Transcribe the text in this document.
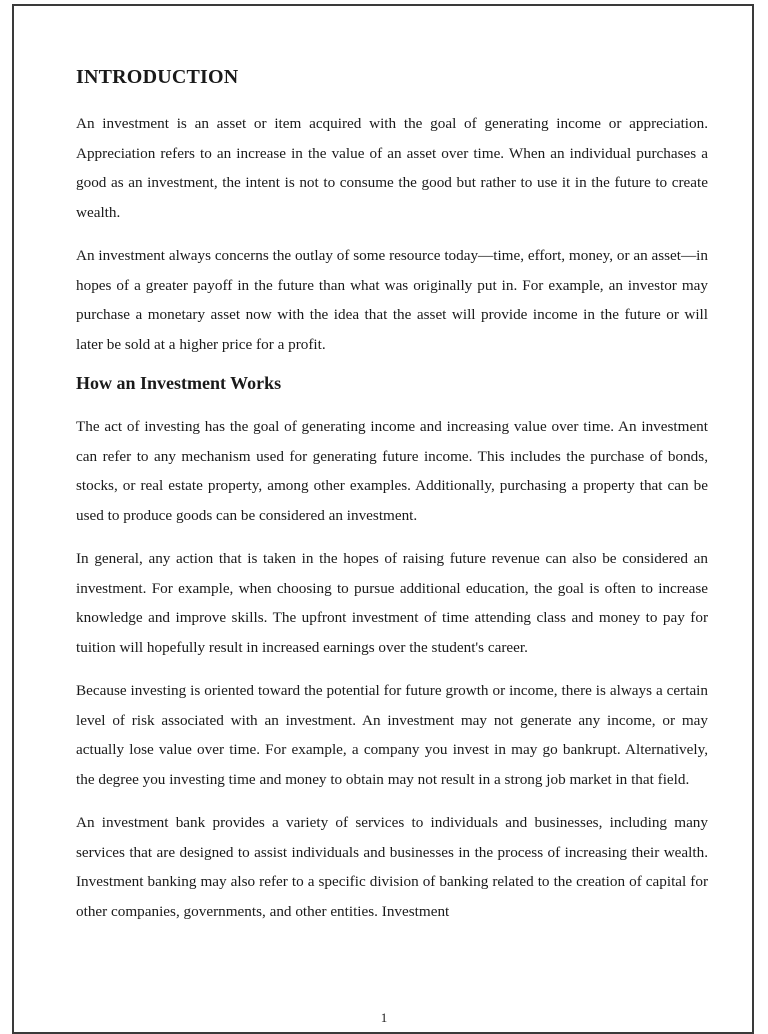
INTRODUCTION

An investment is an asset or item acquired with the goal of generating income or appreciation. Appreciation refers to an increase in the value of an asset over time. When an individual purchases a good as an investment, the intent is not to consume the good but rather to use it in the future to create wealth.

An investment always concerns the outlay of some resource today—time, effort, money, or an asset—in hopes of a greater payoff in the future than what was originally put in. For example, an investor may purchase a monetary asset now with the idea that the asset will provide income in the future or will later be sold at a higher price for a profit.

How an Investment Works

The act of investing has the goal of generating income and increasing value over time. An investment can refer to any mechanism used for generating future income. This includes the purchase of bonds, stocks, or real estate property, among other examples. Additionally, purchasing a property that can be used to produce goods can be considered an investment.

In general, any action that is taken in the hopes of raising future revenue can also be considered an investment. For example, when choosing to pursue additional education, the goal is often to increase knowledge and improve skills. The upfront investment of time attending class and money to pay for tuition will hopefully result in increased earnings over the student's career.

Because investing is oriented toward the potential for future growth or income, there is always a certain level of risk associated with an investment. An investment may not generate any income, or may actually lose value over time. For example, a company you invest in may go bankrupt. Alternatively, the degree you investing time and money to obtain may not result in a strong job market in that field.

An investment bank provides a variety of services to individuals and businesses, including many services that are designed to assist individuals and businesses in the process of increasing their wealth. Investment banking may also refer to a specific division of banking related to the creation of capital for other companies, governments, and other entities. Investment

1
